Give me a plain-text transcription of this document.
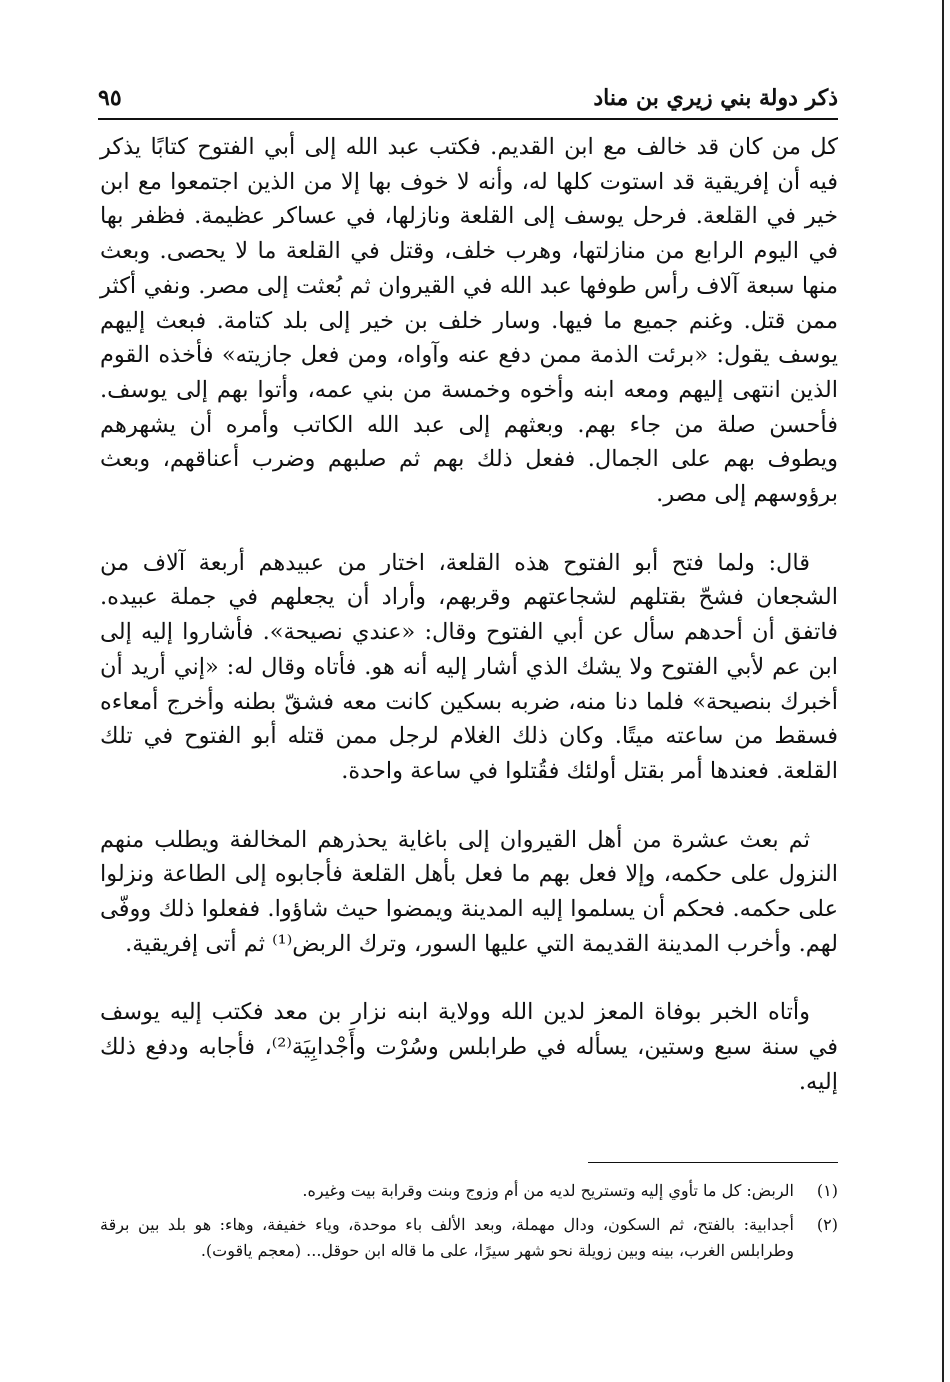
ذكر دولة بني زيري بن مناد
٩٥

كل من كان قد خالف مع ابن القديم. فكتب عبد الله إلى أبي الفتوح كتابًا يذكر فيه أن إفريقية قد استوت كلها له، وأنه لا خوف بها إلا من الذين اجتمعوا مع ابن خير في القلعة. فرحل يوسف إلى القلعة ونازلها، في عساكر عظيمة. فظفر بها في اليوم الرابع من منازلتها، وهرب خلف، وقتل في القلعة ما لا يحصى. وبعث منها سبعة آلاف رأس طوفها عبد الله في القيروان ثم بُعثت إلى مصر. ونفي أكثر ممن قتل. وغنم جميع ما فيها. وسار خلف بن خير إلى بلد كتامة. فبعث إليهم يوسف يقول: «برئت الذمة ممن دفع عنه وآواه، ومن فعل جازيته» فأخذه القوم الذين انتهى إليهم ومعه ابنه وأخوه وخمسة من بني عمه، وأتوا بهم إلى يوسف. فأحسن صلة من جاء بهم. وبعثهم إلى عبد الله الكاتب وأمره أن يشهرهم ويطوف بهم على الجمال. ففعل ذلك بهم ثم صلبهم وضرب أعناقهم، وبعث برؤوسهم إلى مصر.

قال: ولما فتح أبو الفتوح هذه القلعة، اختار من عبيدهم أربعة آلاف من الشجعان فشحّ بقتلهم لشجاعتهم وقربهم، وأراد أن يجعلهم في جملة عبيده. فاتفق أن أحدهم سأل عن أبي الفتوح وقال: «عندي نصيحة». فأشاروا إليه إلى ابن عم لأبي الفتوح ولا يشك الذي أشار إليه أنه هو. فأتاه وقال له: «إني أريد أن أخبرك بنصيحة» فلما دنا منه، ضربه بسكين كانت معه فشقّ بطنه وأخرج أمعاءه فسقط من ساعته ميتًا. وكان ذلك الغلام لرجل ممن قتله أبو الفتوح في تلك القلعة. فعندها أمر بقتل أولئك فقُتلوا في ساعة واحدة.

ثم بعث عشرة من أهل القيروان إلى باغاية يحذرهم المخالفة ويطلب منهم النزول على حكمه، وإلا فعل بهم ما فعل بأهل القلعة فأجابوه إلى الطاعة ونزلوا على حكمه. فحكم أن يسلموا إليه المدينة ويمضوا حيث شاؤوا. ففعلوا ذلك ووفّى لهم. وأخرب المدينة القديمة التي عليها السور، وترك الربض⁽¹⁾ ثم أتى إفريقية.

وأتاه الخبر بوفاة المعز لدين الله وولاية ابنه نزار بن معد فكتب إليه يوسف في سنة سبع وستين، يسأله في طرابلس وسُرْت وأَجْدابِيَة⁽²⁾، فأجابه ودفع ذلك إليه.

(١)
الربض: كل ما تأوي إليه وتستريح لديه من أم وزوج وبنت وقرابة بيت وغيره.
(٢)
أجدابية: بالفتح، ثم السكون، ودال مهملة، وبعد الألف باء موحدة، وياء خفيفة، وهاء: هو بلد بين برقة وطرابلس الغرب، بينه وبين زويلة نحو شهر سيرًا، على ما قاله ابن حوقل... (معجم ياقوت).
